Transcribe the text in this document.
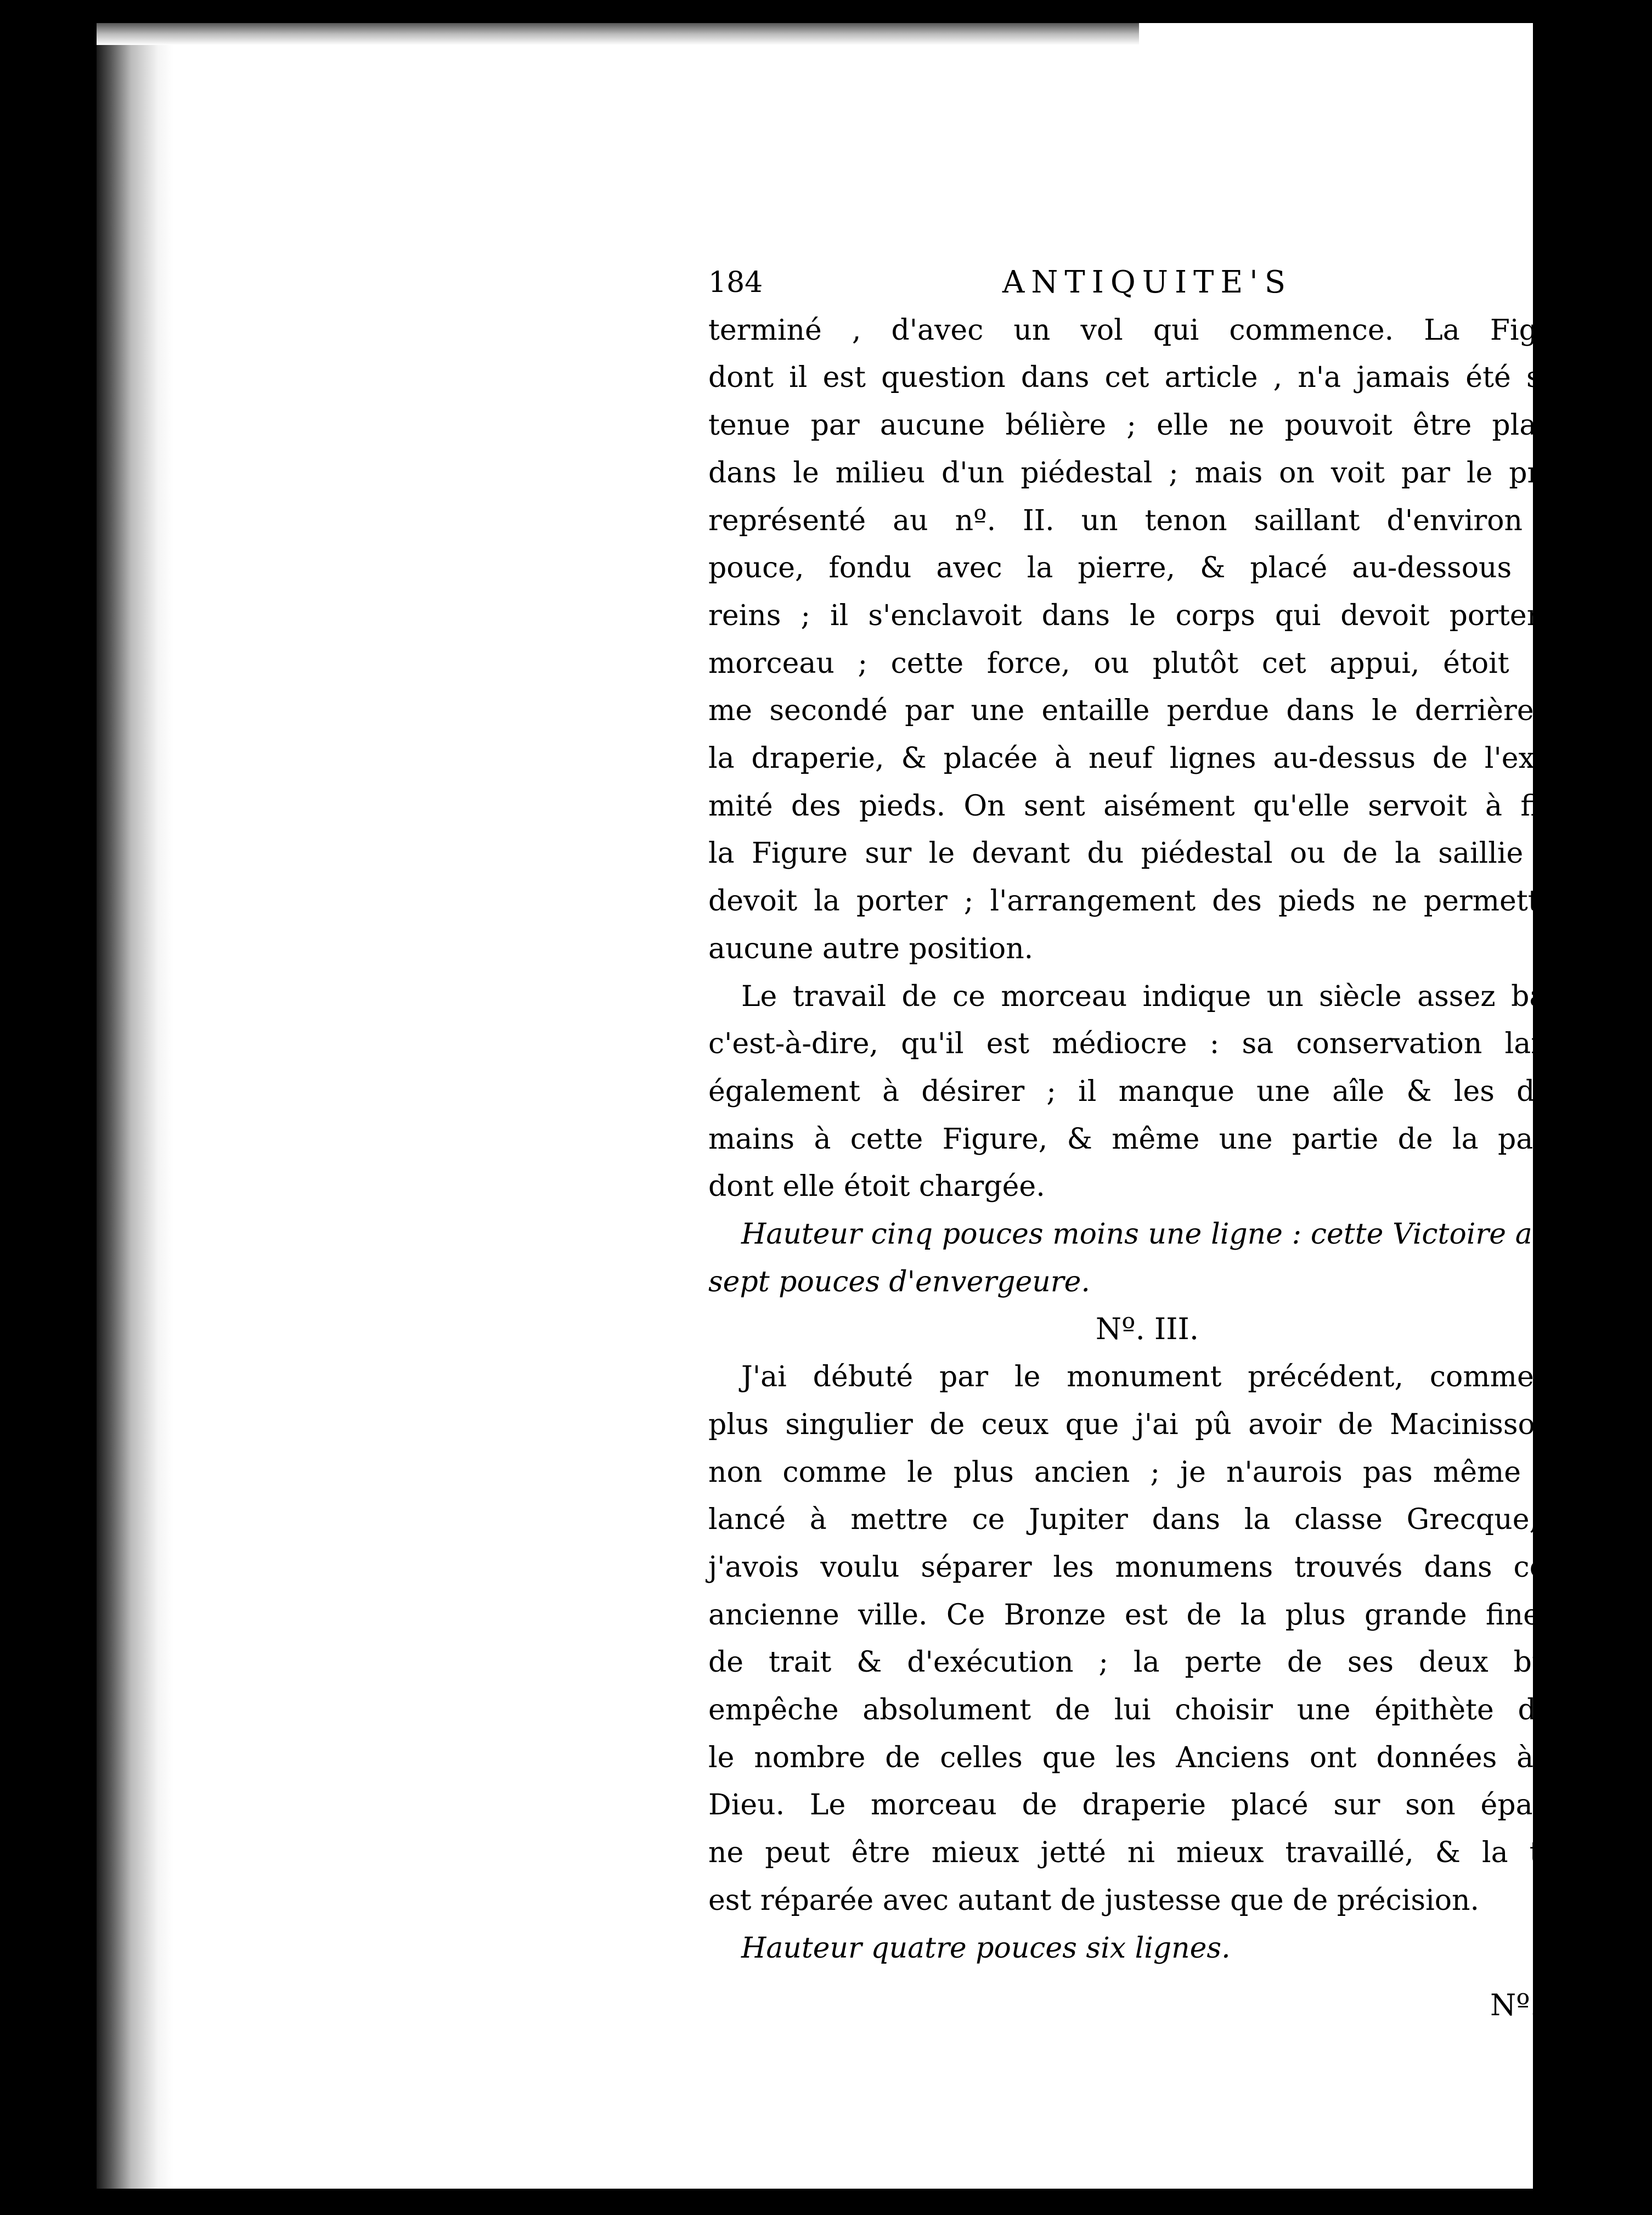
184	ANTIQUITE'S
terminé , d'avec un vol qui commence. La Figure
dont il est question dans cet article , n'a jamais été sou-
tenue par aucune bélière ; elle ne pouvoit être placée
dans le milieu d'un piédestal ; mais on voit par le profil
représenté au nº. II. un tenon saillant d'environ un
pouce, fondu avec la pierre, & placé au-dessous des
reins ; il s'enclavoit dans le corps qui devoit porter le
morceau ; cette force, ou plutôt cet appui, étoit mê-
me secondé par une entaille perdue dans le derrière de
la draperie, & placée à neuf lignes au-dessus de l'extré-
mité des pieds. On sent aisément qu'elle servoit à fixer
la Figure sur le devant du piédestal ou de la saillie qui
devoit la porter ; l'arrangement des pieds ne permettant
aucune autre position.
Le travail de ce morceau indique un siècle assez bas ;
c'est-à-dire, qu'il est médiocre : sa conservation laisse
également à désirer ; il manque une aîle & les deux
mains à cette Figure, & même une partie de la palme
dont elle étoit chargée.
Hauteur cinq pouces moins une ligne : cette Victoire avoit
sept pouces d'envergeure.
Nº. III.
J'ai débuté par le monument précédent, comme le
plus singulier de ceux que j'ai pû avoir de Macinisso, &
non comme le plus ancien ; je n'aurois pas même ba-
lancé à mettre ce Jupiter dans la classe Grecque, si
j'avois voulu séparer les monumens trouvés dans cette
ancienne ville. Ce Bronze est de la plus grande finesse
de trait & d'exécution ; la perte de ses deux bras,
empêche absolument de lui choisir une épithète dans
le nombre de celles que les Anciens ont données à ce
Dieu. Le morceau de draperie placé sur son épaule,
ne peut être mieux jetté ni mieux travaillé, & la tête
est réparée avec autant de justesse que de précision.
Hauteur quatre pouces six lignes.
Nº. IV.
